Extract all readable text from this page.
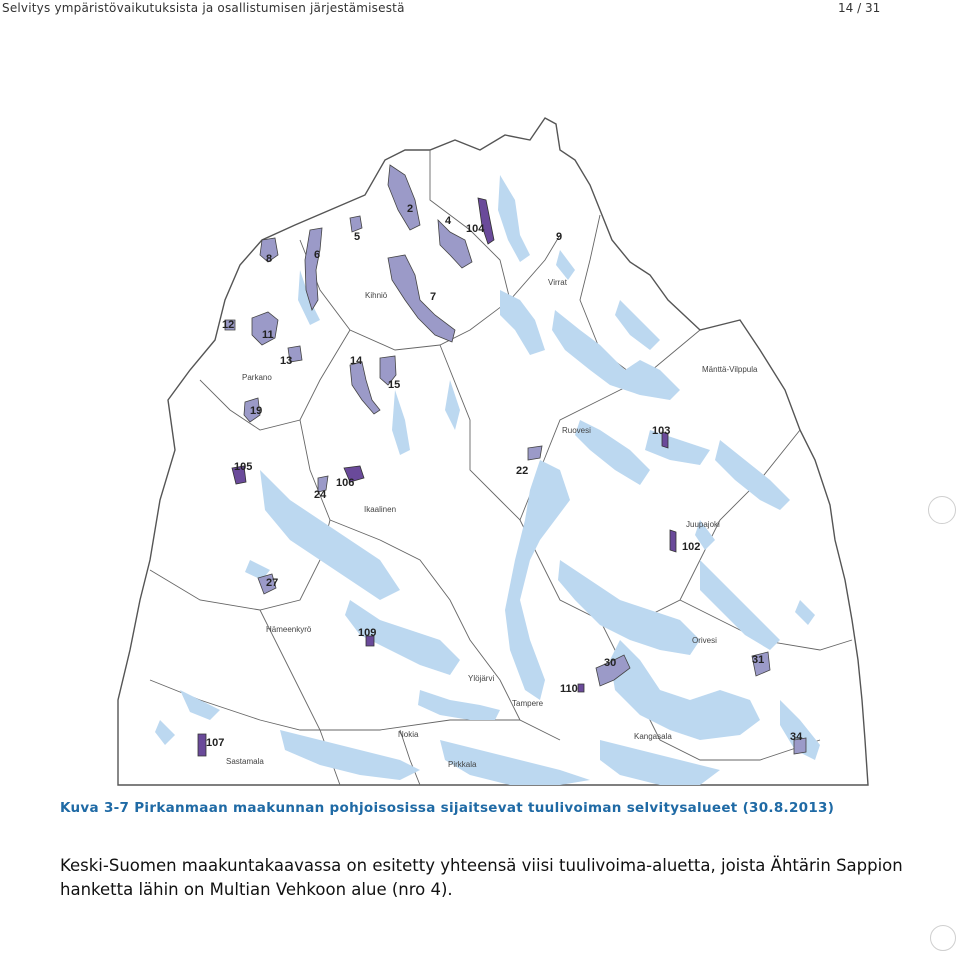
Selvitys ympäristövaikutuksista ja osallistumisen järjestämisestä	14 / 31
Kihniö
Virrat
Mänttä-Vilppula
Parkano
Ruovesi
Ikaalinen
Juupajoki
Hämeenkyrö
Orivesi
Ylöjärvi
Tampere
Nokia	Kangasala
Sastamala	Pirkkala
2
4
104
9
5
6
8
7
12
11
13	14
15
19
103
22
105
106
24
102
27
109
30	31
110
34
107
Kuva 3-7 Pirkanmaan maakunnan pohjoisosissa sijaitsevat tuulivoiman selvitysalueet (30.8.2013)
Keski-Suomen maakuntakaavassa on esitetty yhteensä viisi tuulivoima-aluetta, joista Ähtärin Sappion hanketta lähin on Multian Vehkoon alue (nro 4).
